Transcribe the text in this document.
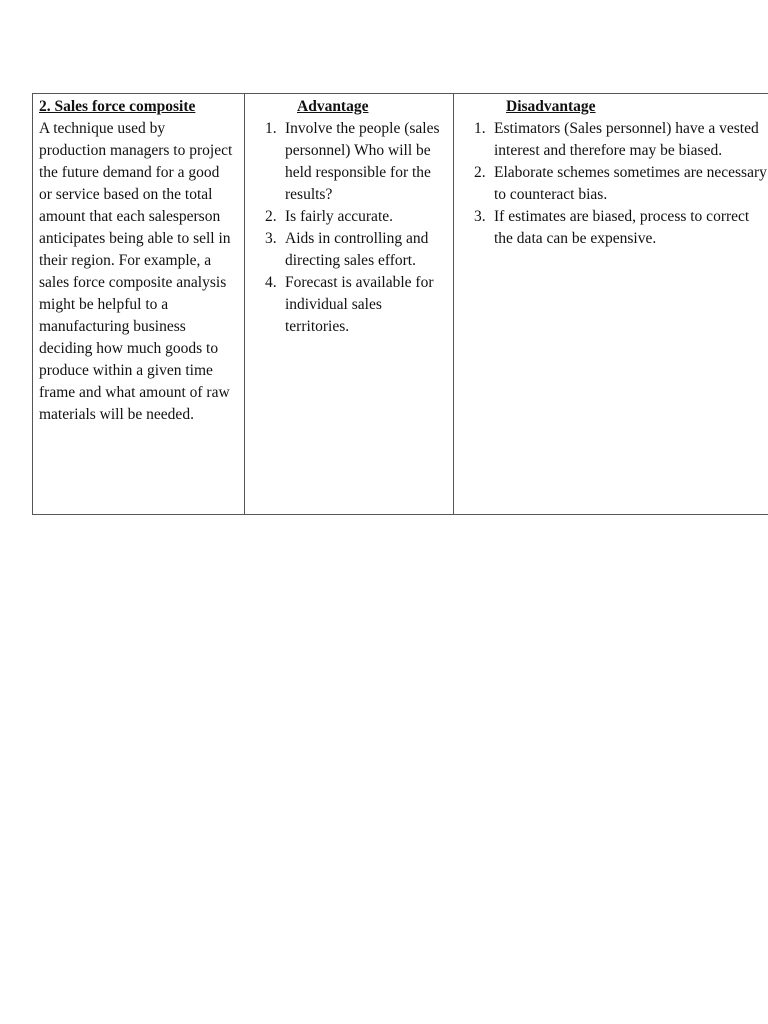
2. Sales force composite
A technique used by production managers to project the future demand for a good or service based on the total amount that each salesperson anticipates being able to sell in their region. For example, a sales force composite analysis might be helpful to a manufacturing business deciding how much goods to produce within a given time frame and what amount of raw materials will be needed.

Advantage
1. Involve the people (sales personnel) Who will be held responsible for the results?
2. Is fairly accurate.
3. Aids in controlling and directing sales effort.
4. Forecast is available for individual sales territories.

Disadvantage
1. Estimators (Sales personnel) have a vested interest and therefore may be biased.
2. Elaborate schemes sometimes are necessary to counteract bias.
3. If estimates are biased, process to correct the data can be expensive.
